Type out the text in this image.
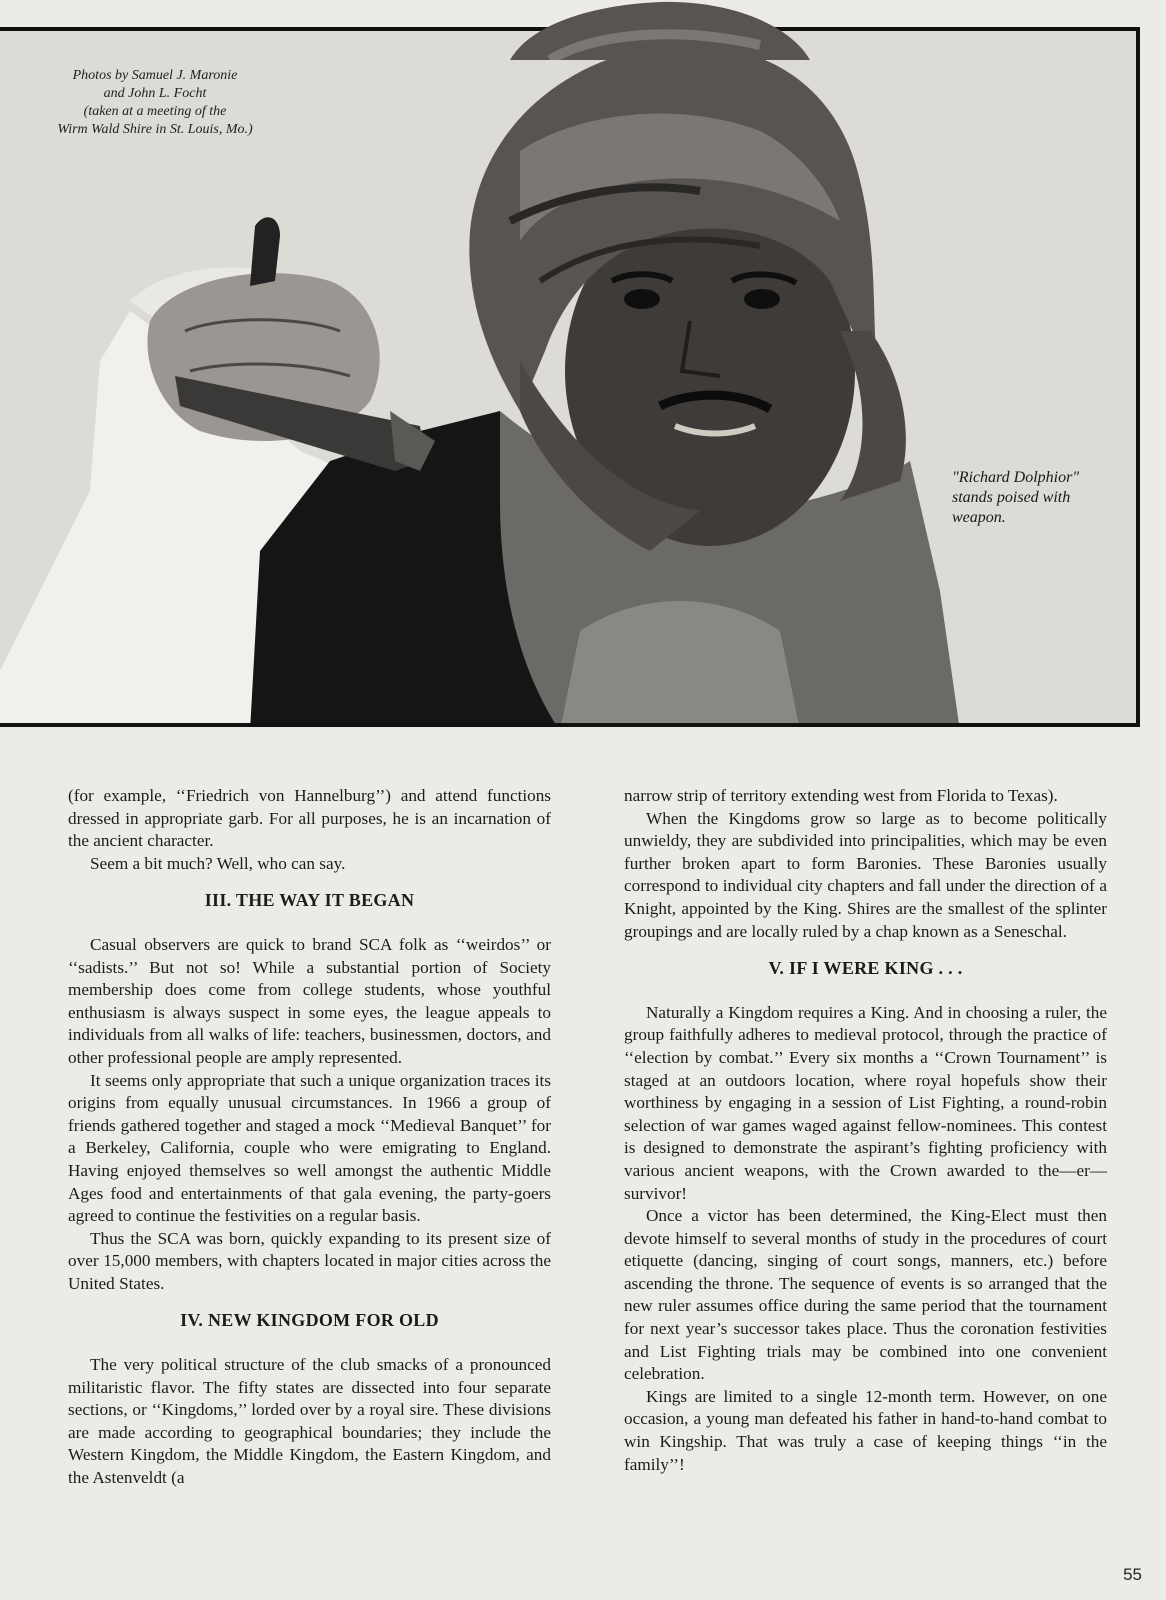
Photos by Samuel J. Maronie
and John L. Focht
(taken at a meeting of the
Wirm Wald Shire in St. Louis, Mo.)
"Richard Dolphior"
stands poised with
weapon.

(for example, ‘‘Friedrich von Hannelburg’’) and attend functions dressed in appropriate garb. For all purposes, he is an incarnation of the ancient character.

Seem a bit much? Well, who can say.

III. THE WAY IT BEGAN

Casual observers are quick to brand SCA folk as ‘‘weirdos’’ or ‘‘sadists.’’ But not so! While a substantial portion of Society membership does come from college students, whose youthful enthusiasm is always suspect in some eyes, the league appeals to individuals from all walks of life: teachers, businessmen, doctors, and other professional people are amply represented.

It seems only appropriate that such a unique organization traces its origins from equally unusual circumstances. In 1966 a group of friends gathered together and staged a mock ‘‘Medieval Banquet’’ for a Berkeley, California, couple who were emigrating to England. Having enjoyed themselves so well amongst the authentic Middle Ages food and entertainments of that gala evening, the party-goers agreed to continue the festivities on a regular basis.

Thus the SCA was born, quickly expanding to its present size of over 15,000 members, with chapters located in major cities across the United States.

IV. NEW KINGDOM FOR OLD

The very political structure of the club smacks of a pronounced militaristic flavor. The fifty states are dissected into four separate sections, or ‘‘Kingdoms,’’ lorded over by a royal sire. These divisions are made according to geographical boundaries; they include the Western Kingdom, the Middle Kingdom, the Eastern Kingdom, and the Astenveldt (a

narrow strip of territory extending west from Florida to Texas).

When the Kingdoms grow so large as to become politically unwieldy, they are subdivided into principalities, which may be even further broken apart to form Baronies. These Baronies usually correspond to individual city chapters and fall under the direction of a Knight, appointed by the King. Shires are the smallest of the splinter groupings and are locally ruled by a chap known as a Seneschal.

V. IF I WERE KING . . .

Naturally a Kingdom requires a King. And in choosing a ruler, the group faithfully adheres to medieval protocol, through the practice of ‘‘election by combat.’’ Every six months a ‘‘Crown Tournament’’ is staged at an outdoors location, where royal hopefuls show their worthiness by engaging in a session of List Fighting, a round-robin selection of war games waged against fellow-nominees. This contest is designed to demonstrate the aspirant’s fighting proficiency with various ancient weapons, with the Crown awarded to the—er—survivor!

Once a victor has been determined, the King-Elect must then devote himself to several months of study in the procedures of court etiquette (dancing, singing of court songs, manners, etc.) before ascending the throne. The sequence of events is so arranged that the new ruler assumes office during the same period that the tournament for next year’s successor takes place. Thus the coronation festivities and List Fighting trials may be combined into one convenient celebration.

Kings are limited to a single 12-month term. However, on one occasion, a young man defeated his father in hand-to-hand combat to win Kingship. That was truly a case of keeping things ‘‘in the family’’!

55
